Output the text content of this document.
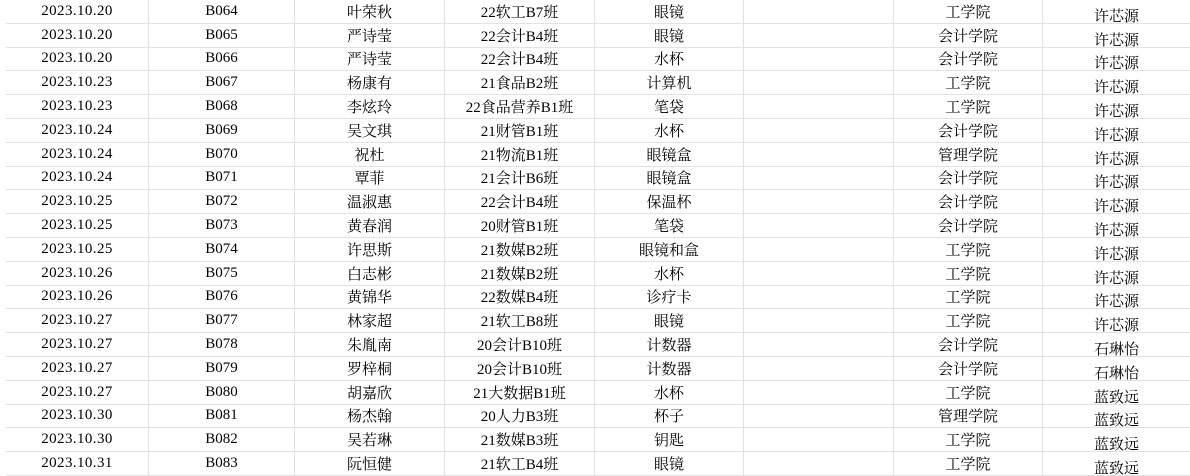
2023.10.20	B064	叶荣秋	22软工B7班	眼镜	工学院	许芯源
2023.10.20	B065	严诗莹	22会计B4班	眼镜	会计学院	许芯源
2023.10.20	B066	严诗莹	22会计B4班	水杯	会计学院	许芯源
2023.10.23	B067	杨康有	21食品B2班	计算机	工学院	许芯源
2023.10.23	B068	李炫玲	22食品营养B1班	笔袋	工学院	许芯源
2023.10.24	B069	吴文琪	21财管B1班	水杯	会计学院	许芯源
2023.10.24	B070	祝杜	21物流B1班	眼镜盒	管理学院	许芯源
2023.10.24	B071	覃菲	21会计B6班	眼镜盒	会计学院	许芯源
2023.10.25	B072	温淑惠	22会计B4班	保温杯	会计学院	许芯源
2023.10.25	B073	黄春润	20财管B1班	笔袋	会计学院	许芯源
2023.10.25	B074	许思斯	21数媒B2班	眼镜和盒	工学院	许芯源
2023.10.26	B075	白志彬	21数媒B2班	水杯	工学院	许芯源
2023.10.26	B076	黄锦华	22数媒B4班	诊疗卡	工学院	许芯源
2023.10.27	B077	林家超	21软工B8班	眼镜	工学院	许芯源
2023.10.27	B078	朱胤南	20会计B10班	计数器	会计学院	石琳怡
2023.10.27	B079	罗梓桐	20会计B10班	计数器	会计学院	石琳怡
2023.10.27	B080	胡嘉欣	21大数据B1班	水杯	工学院	蓝致远
2023.10.30	B081	杨杰翰	20人力B3班	杯子	管理学院	蓝致远
2023.10.30	B082	吴若琳	21数媒B3班	钥匙	工学院	蓝致远
2023.10.31	B083	阮恒健	21软工B4班	眼镜	工学院	蓝致远
